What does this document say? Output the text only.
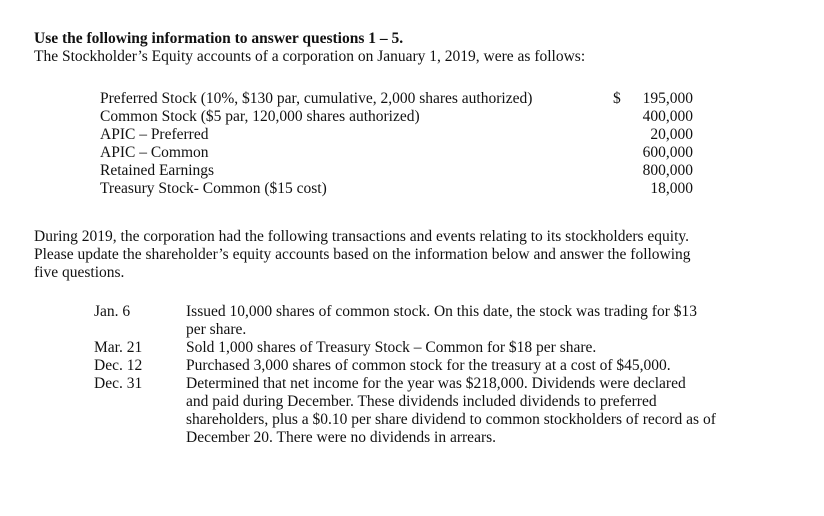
Use the following information to answer questions 1 – 5.
The Stockholder’s Equity accounts of a corporation on January 1, 2019, were as follows:
Preferred Stock (10%, $130 par, cumulative, 2,000 shares authorized)	$ 195,000
Common Stock ($5 par, 120,000 shares authorized)	400,000
APIC – Preferred	20,000
APIC – Common	600,000
Retained Earnings	800,000
Treasury Stock- Common ($15 cost)	18,000
During 2019, the corporation had the following transactions and events relating to its stockholders equity.
Please update the shareholder’s equity accounts based on the information below and answer the following
five questions.
Jan. 6	Issued 10,000 shares of common stock. On this date, the stock was trading for $13
per share.
Mar. 21	Sold 1,000 shares of Treasury Stock – Common for $18 per share.
Dec. 12	Purchased 3,000 shares of common stock for the treasury at a cost of $45,000.
Dec. 31	Determined that net income for the year was $218,000. Dividends were declared
and paid during December. These dividends included dividends to preferred
shareholders, plus a $0.10 per share dividend to common stockholders of record as of
December 20. There were no dividends in arrears.
